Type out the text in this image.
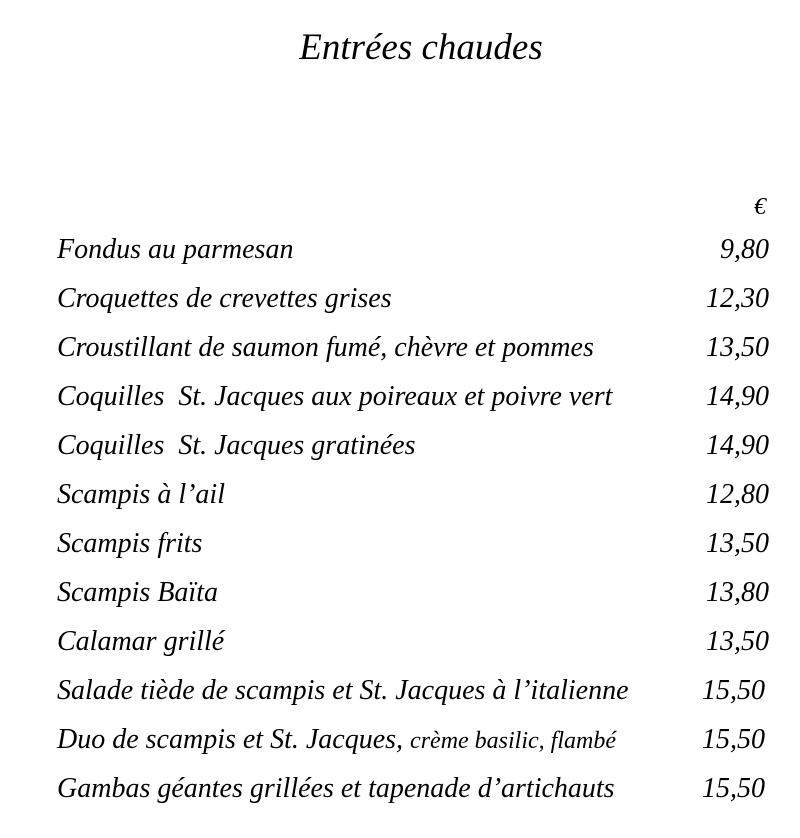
Entrées chaudes
€
Fondus au parmesan	9,80
Croquettes de crevettes grises	12,30
Croustillant de saumon fumé, chèvre et pommes	13,50
Coquilles  St. Jacques aux poireaux et poivre vert	14,90
Coquilles  St. Jacques gratinées	14,90
Scampis à l’ail	12,80
Scampis frits	13,50
Scampis Baïta	13,80
Calamar grillé	13,50
Salade tiède de scampis et St. Jacques à l’italienne	15,50
Duo de scampis et St. Jacques, crème basilic, flambé	15,50
Gambas géantes grillées et tapenade d’artichauts	15,50
